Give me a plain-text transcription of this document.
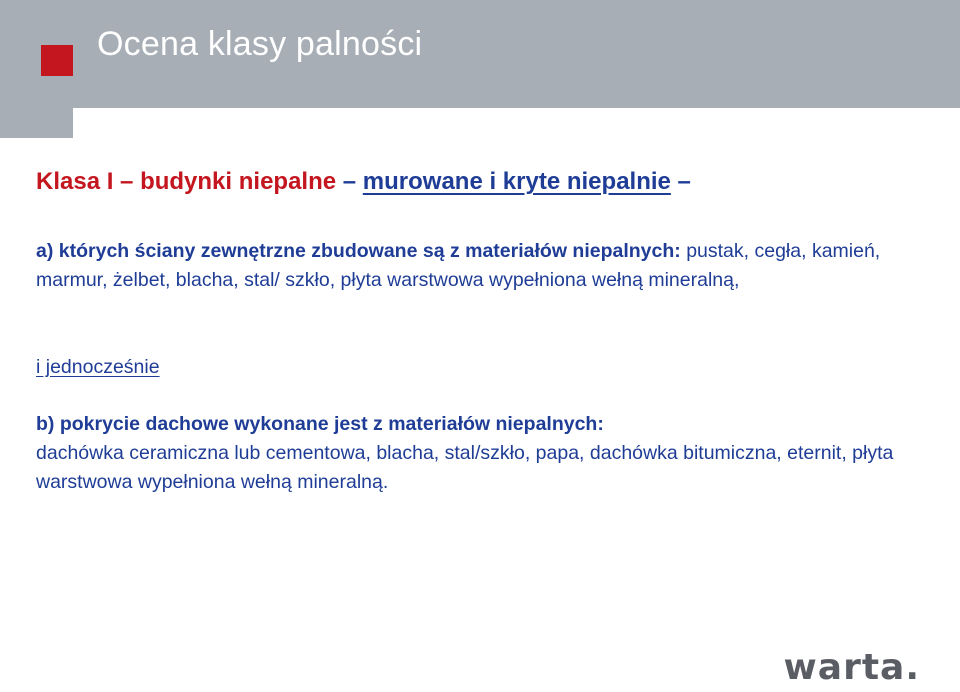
Ocena klasy palności

Klasa I – budynki niepalne – murowane i kryte niepalnie –

a) których ściany zewnętrzne zbudowane są z materiałów niepalnych: pustak, cegła, kamień, marmur, żelbet, blacha, stal/ szkło, płyta warstwowa wypełniona wełną mineralną,

i jednocześnie

b) pokrycie dachowe wykonane jest z materiałów niepalnych:
dachówka ceramiczna lub cementowa, blacha, stal/szkło, papa, dachówka bitumiczna, eternit, płyta warstwowa wypełniona wełną mineralną.

warta.
